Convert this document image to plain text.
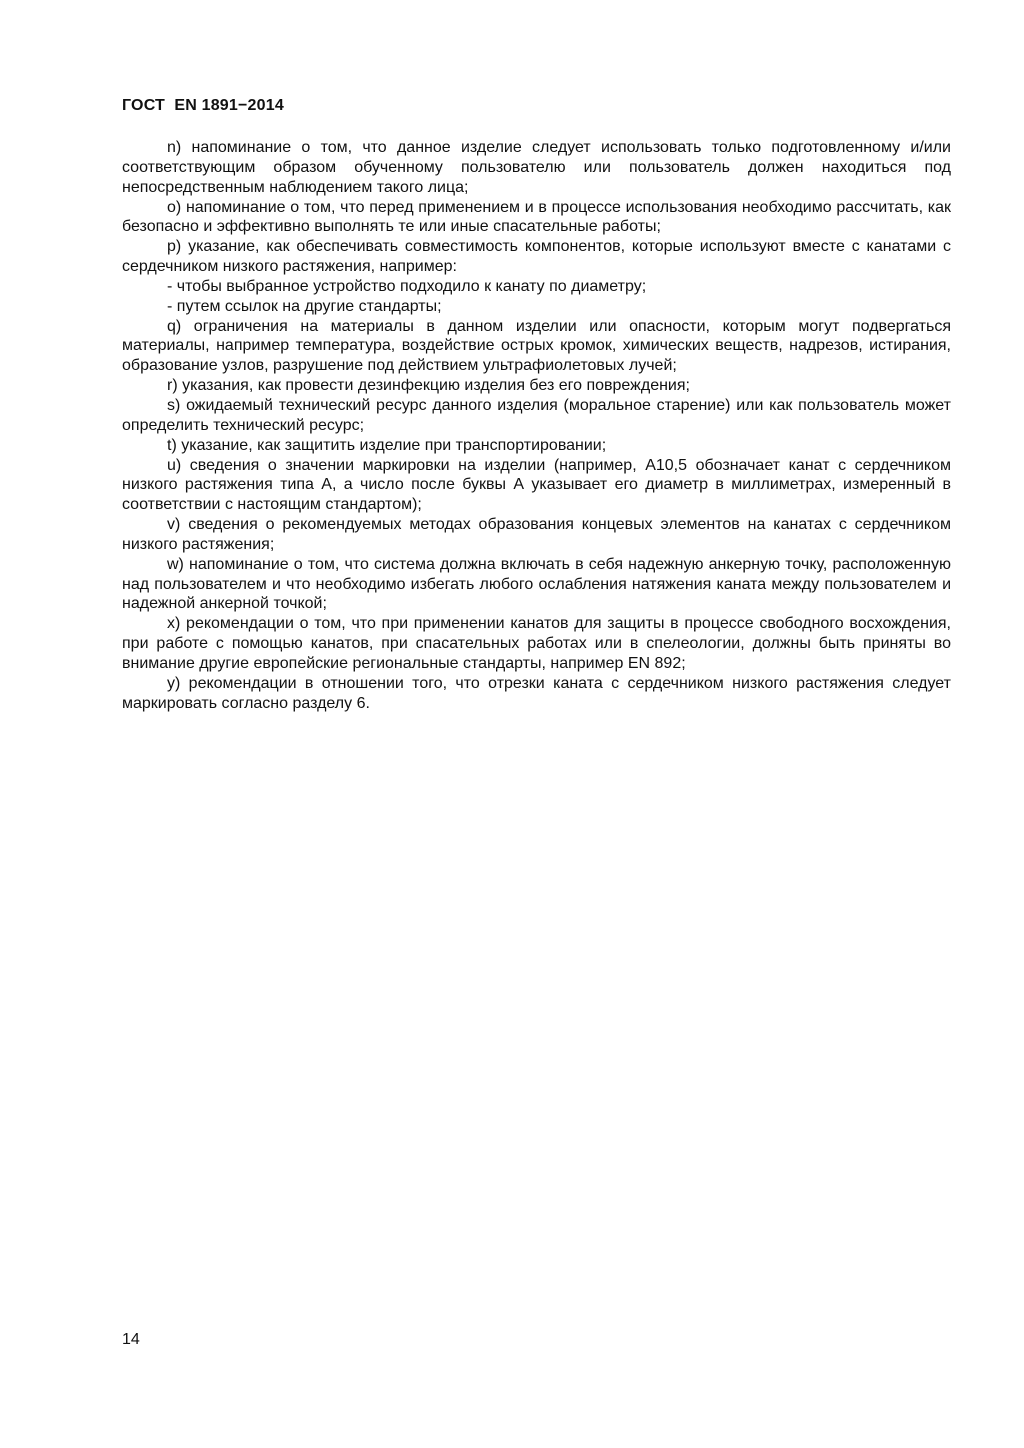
ГОСТ  EN 1891−2014

n) напоминание о том, что данное изделие следует использовать только подготовленному и/или соответствующим образом обученному пользователю или пользователь должен находиться под непосредственным наблюдением такого лица;

o) напоминание о том, что перед применением и в процессе использования необходимо рассчитать, как безопасно и эффективно выполнять те или иные спасательные работы;

p) указание, как обеспечивать совместимость компонентов, которые используют вместе с канатами с сердечником низкого растяжения, например:

- чтобы выбранное устройство подходило к канату по диаметру;

- путем ссылок на другие стандарты;

q) ограничения на материалы в данном изделии или опасности, которым могут подвергаться материалы, например температура, воздействие острых кромок, химических веществ, надрезов, истирания, образование узлов, разрушение под действием ультрафиолетовых лучей;

r) указания, как провести дезинфекцию изделия без его повреждения;

s) ожидаемый технический ресурс данного изделия (моральное старение) или как пользователь может определить технический ресурс;

t) указание, как защитить изделие при транспортировании;

u) сведения о значении маркировки на изделии (например, А10,5 обозначает канат с сердечником низкого растяжения типа А, а число после буквы А указывает его диаметр в миллиметрах, измеренный в соответствии с настоящим стандартом);

v) сведения о рекомендуемых методах образования концевых элементов на канатах с сердечником низкого растяжения;

w) напоминание о том, что система должна включать в себя надежную анкерную точку, расположенную над пользователем и что необходимо избегать любого ослабления натяжения каната между пользователем и надежной анкерной точкой;

x) рекомендации о том, что при применении канатов для защиты в процессе свободного восхождения, при работе с помощью канатов, при спасательных работах или в спелеологии, должны быть приняты во внимание другие европейские региональные стандарты, например EN 892;

y) рекомендации в отношении того, что отрезки каната с сердечником низкого растяжения следует маркировать согласно разделу 6.

14
